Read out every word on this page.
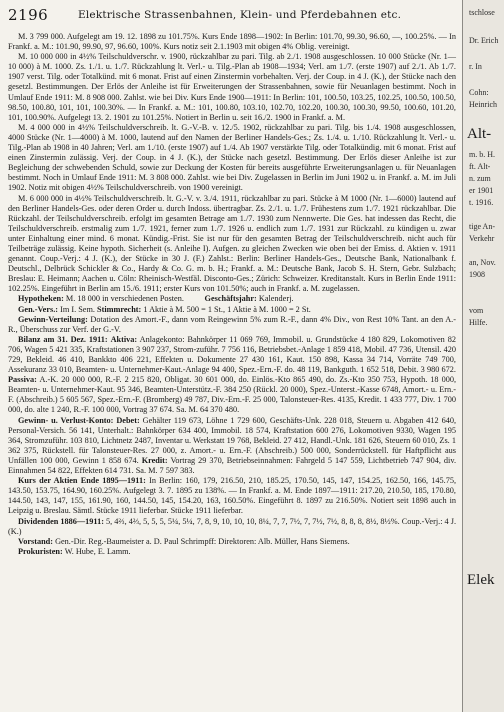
2196	Elektrische Strassenbahnen, Klein- und Pferdebahnen etc.

M. 3 799 000. Aufgelegt am 19. 12. 1898 zu 101.75%. Kurs Ende 1898—1902: In Berlin: 101.70, 99.30, 96.60, —, 100.25%. — In Frankf. a. M.: 101.90, 99.90, 97, 96.60, 100%. Kurs notiz seit 2.1.1903 mit obigen 4% Oblig. vereinigt.

M. 10 000 000 in 4½% Teilschuldverschr. v. 1900, rückzahlbar zu pari. Tilg. ab 2./1. 1908 ausgeschlossen. 10 000 Stücke (Nr. 1—10 000) à M. 1000. Zs. 1./1. u. 1./7. Rückzahlung lt. Verl.- u. Tilg.-Plan ab 1908—1934; Verl. am 1./7. (erste 1907) auf 2./1. Ab 1./7. 1907 verst. Tilg. oder Totalkünd. mit 6 monat. Frist auf einen Zinstermin vorbehalten. Verj. der Coup. in 4 J. (K.), der Stücke nach den gesetzl. Bestimmungen. Der Erlös der Anleihe ist für Erweiterungen der Strassenbahnen, sowie für Neuanlagen bestimmt. Noch in Umlauf Ende 1911: M. 8 908 000. Zahlst. wie bei Div. Kurs Ende 1900—1911: In Berlin: 101, 100.50, 103.25, 102.25, 100.50, 100.50, 98.50, 100.80, 101, 101, 100.30%. — In Frankf. a. M.: 101, 100.80, 103.10, 102.70, 102.20, 100.30, 100.30, 99.50, 100.60, 101.20, 101, 100.90%. Aufgelegt 13. 2. 1901 zu 101.25%. Notiert in Berlin u. seit 16./2. 1900 in Frankf. a. M.

M. 4 000 000 in 4½% Teilschuldverschreib. lt. G.-V.-B. v. 12./5. 1902, rückzahlbar zu pari. Tilg. bis 1./4. 1908 ausgeschlossen, 4000 Stücke (Nr. 1—4000) à M. 1000, lautend auf den Namen der Berliner Handels-Ges.; Zs. 1./4. u. 1./10. Rückzahlung lt. Verl.- u. Tilg.-Plan ab 1908 in 40 Jahren; Verl. am 1./10. (erste 1907) auf 1./4. Ab 1907 verstärkte Tilg. oder Totalkündig. mit 6 monat. Frist auf einen Zinstermin zulässig. Verj. der Coup. in 4 J. (K.), der Stücke nach gesetzl. Bestimmung. Der Erlös dieser Anleihe ist zur Begleichung der schwebenden Schuld, sowie zur Deckung der Kosten für bereits ausgeführte Erweiterungsanlagen u. für Neuanlagen bestimmt. Noch in Umlauf Ende 1911: M. 3 808 000. Zahlst. wie bei Div. Zugelassen in Berlin im Juni 1902 u. in Frankf. a. M. im Juli 1902. Notiz mit obigen 4½% Teilschuldverschreib. von 1900 vereinigt.

M. 6 000 000 in 4½% Teilschuldverschreib. lt. G.-V. v. 3./4. 1911, rückzahlbar zu pari. Stücke à M 1000 (Nr. 1—6000) lautend auf den Berliner Handels-Ges. oder deren Order u. durch Indoss. übertragbar. Zs. 2./1. u. 1./7. Frühestens zum 1./7. 1921 rückzahlbar. Die Rückzahl. der Teilschuldverschreib. erfolgt im gesamten Betrage am 1./7. 1930 zum Nennwerte. Die Ges. hat indessen das Recht, die Teilschuldverschreib. erstmalig zum 1./7. 1921, ferner zum 1./7. 1926 u. endlich zum 1./7. 1931 zur Rückzahl. zu kündigen u. zwar unter Einhaltung einer mind. 6 monat. Kündig.-Frist. Sie ist nur für den gesamten Betrag der Teilschuldverschreib. nicht auch für Teilbeträge zulässig. Keine hypoth. Sicherheit (s. Anleihe I). Aufgen. zu gleichen Zwecken wie oben bei der Emiss. d. Aktien v. 1911 genannt. Coup.-Verj.: 4 J. (K.), der Stücke in 30 J. (F.) Zahlst.: Berlin: Berliner Handels-Ges., Deutsche Bank, Nationalbank f. Deutschl., Delbrück Schickler & Co., Hardy & Co. G. m. b. H.; Frankf. a. M.: Deutsche Bank, Jacob S. H. Stern, Gebr. Sulzbach; Breslau: E. Heimann; Aachen u. Cöln: Rheinisch-Westfäl. Disconto-Ges.; Zürich: Schweizer. Kreditanstalt. Kurs in Berlin Ende 1911: 102.25%. Eingeführt in Berlin am 15./6. 1911; erster Kurs von 101.50%; auch in Frankf. a. M. zugelassen.

Hypotheken: M. 18 000 in verschiedenen Posten.	Geschäftsjahr: Kalenderj.

Gen.-Vers.: Im I. Sem. Stimmrecht: 1 Aktie à M. 500 = 1 St., 1 Aktie à M. 1000 = 2 St.

Gewinn-Verteilung: Dotation des Amort.-F., dann vom Reingewinn 5% zum R.-F., dann 4% Div., von Rest 10% Tant. an den A.-R., Überschuss zur Verf. der G.-V.

Bilanz am 31. Dez. 1911: Aktiva: Anlagekonto: Bahnkörper 11 069 769, Immobil. u. Grundstücke 4 180 829, Lokomotiven 82 706, Wagen 5 421 335, Kraftstationen 3 907 237, Strom-zuführ. 7 756 116, Betriebsbet.-Anlage 1 859 418, Mobil. 47 736, Utensil. 420 729, Bekleid. 46 410, Bankkto 406 221, Effekten u. Dokumente 27 430 161, Kaut. 150 898, Kassa 34 714, Vorräte 749 700, Assekuranz 33 010, Beamten- u. Unternehmer-Kaut.-Anlage 94 400, Spez.-Ern.-F. do. 48 119, Bankguth. 1 652 518, Debit. 3 980 672. Passiva: A.-K. 20 000 000, R.-F. 2 215 820, Obligat. 30 601 000, do. Einlös.-Kto 865 490, do. Zs.-Kto 350 753, Hypoth. 18 000, Beamten- u. Unternehmer-Kaut. 95 346, Beamten-Unterstütz.-F. 384 250 (Rückl. 20 000), Spez.-Unterst.-Kasse 6748, Amort.- u. Ern.-F. (Abschreib.) 5 605 567, Spez.-Ern.-F. (Bromberg) 49 787, Div.-Ern.-F. 25 000, Talonsteuer-Res. 4135, Kredit. 1 433 777, Div. 1 700 000, do. alte 1 240, R.-F. 100 000, Vortrag 37 674. Sa. M. 64 370 480.

Gewinn- u. Verlust-Konto: Debet: Gehälter 119 673, Löhne 1 729 600, Geschäfts-Unk. 228 018, Steuern u. Abgaben 412 640, Personal-Versich. 56 141, Unterhalt.: Bahnkörper 634 400, Immobil. 18 574, Kraftstation 600 276, Lokomotiven 9330, Wagen 195 364, Stromzuführ. 103 810, Lichtnetz 2487, Inventar u. Werkstatt 19 768, Bekleid. 27 412, Handl.-Unk. 181 626, Steuern 60 010, Zs. 1 362 375, Rückstell. für Talonsteuer-Res. 27 000, z. Amort.- u. Ern.-F. (Abschreib.) 500 000, Sonderrückstell. für Haftpflicht aus Unfällen 100 000, Gewinn 1 858 674. Kredit: Vortrag 29 370, Betriebseinnahmen: Fahrgeld 5 147 559, Lichtbetrieb 747 904, div. Einnahmen 54 822, Effekten 614 731. Sa. M. 7 597 383.

Kurs der Aktien Ende 1895—1911: In Berlin: 160, 179, 216.50, 210, 185.25, 170.50, 145, 147, 154.25, 162.50, 166, 145.75, 143.50, 153.75, 164.90, 160.25%. Aufgelegt 3. 7. 1895 zu 138%. — In Frankf. a. M. Ende 1897—1911: 217.20, 210.50, 185, 170.80, 144.50, 143, 147, 155, 161.90, 160, 144.50, 145, 154.20, 163, 160.50%. Eingeführt 8. 1897 zu 216.50%. Notiert seit 1898 auch in Leipzig u. Breslau. Sämtl. Stücke 1911 lieferbar. Stücke 1911 lieferbar.

Dividenden 1886—1911: 5, 4⅔, 4⅔, 5, 5, 5, 5¼, 5¼, 7, 8, 9, 10, 10, 10, 8¼, 7, 7, 7½, 7, 7½, 7½, 8, 8, 8, 8½, 8½%. Coup.-Verj.: 4 J. (K.)

Vorstand: Gen.-Dir. Reg.-Baumeister a. D. Paul Schrimpff: Direktoren: Alb. Müller, Hans Siemens.

Prokuristen: W. Hube, E. Lamm.

tschlose
Dr. Erich
r. In
Cohn:
Heinrich
Alt-
m. b. H.
ft. Alt-
n. zum
er 1901
t. 1916.
tige An-
Verkehr
an, Nov.
1908
vom
Hilfe.
Elek
